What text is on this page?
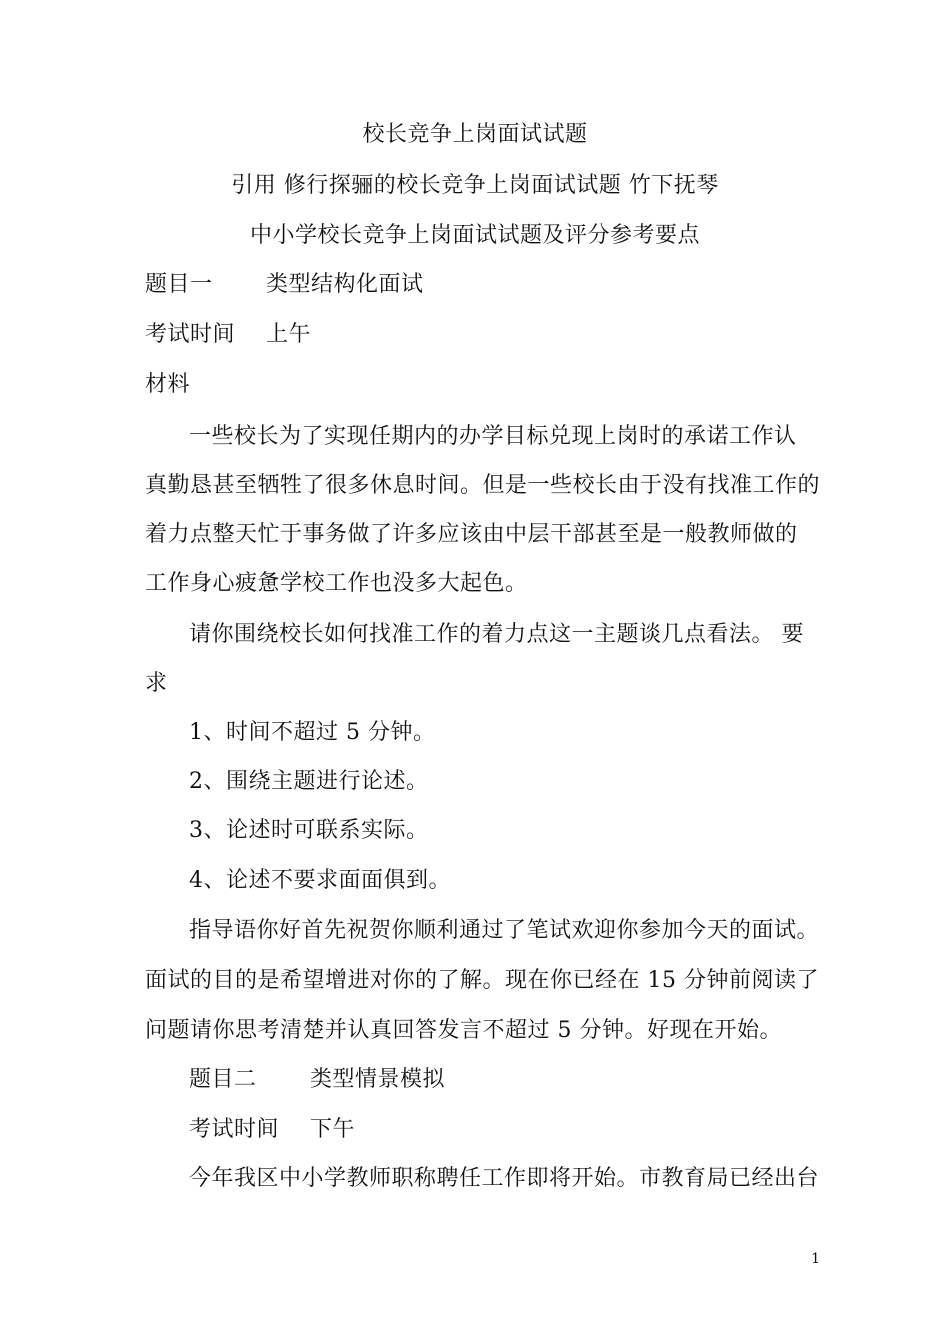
校长竞争上岗面试试题
引用 修行探骊的校长竞争上岗面试试题 竹下抚琴
中小学校长竞争上岗面试试题及评分参考要点
题目一 类型结构化面试
考试时间 上午
材料
一些校长为了实现任期内的办学目标兑现上岗时的承诺工作认
真勤恳甚至牺牲了很多休息时间。但是一些校长由于没有找准工作的
着力点整天忙于事务做了许多应该由中层干部甚至是一般教师做的
工作身心疲惫学校工作也没多大起色。
请你围绕校长如何找准工作的着力点这一主题谈几点看法。 要
求
1、时间不超过 5 分钟。
2、围绕主题进行论述。
3、论述时可联系实际。
4、论述不要求面面俱到。
指导语你好首先祝贺你顺利通过了笔试欢迎你参加今天的面试。
面试的目的是希望增进对你的了解。现在你已经在 15 分钟前阅读了
问题请你思考清楚并认真回答发言不超过 5 分钟。好现在开始。
题目二 类型情景模拟
考试时间 下午
今年我区中小学教师职称聘任工作即将开始。市教育局已经出台
1
